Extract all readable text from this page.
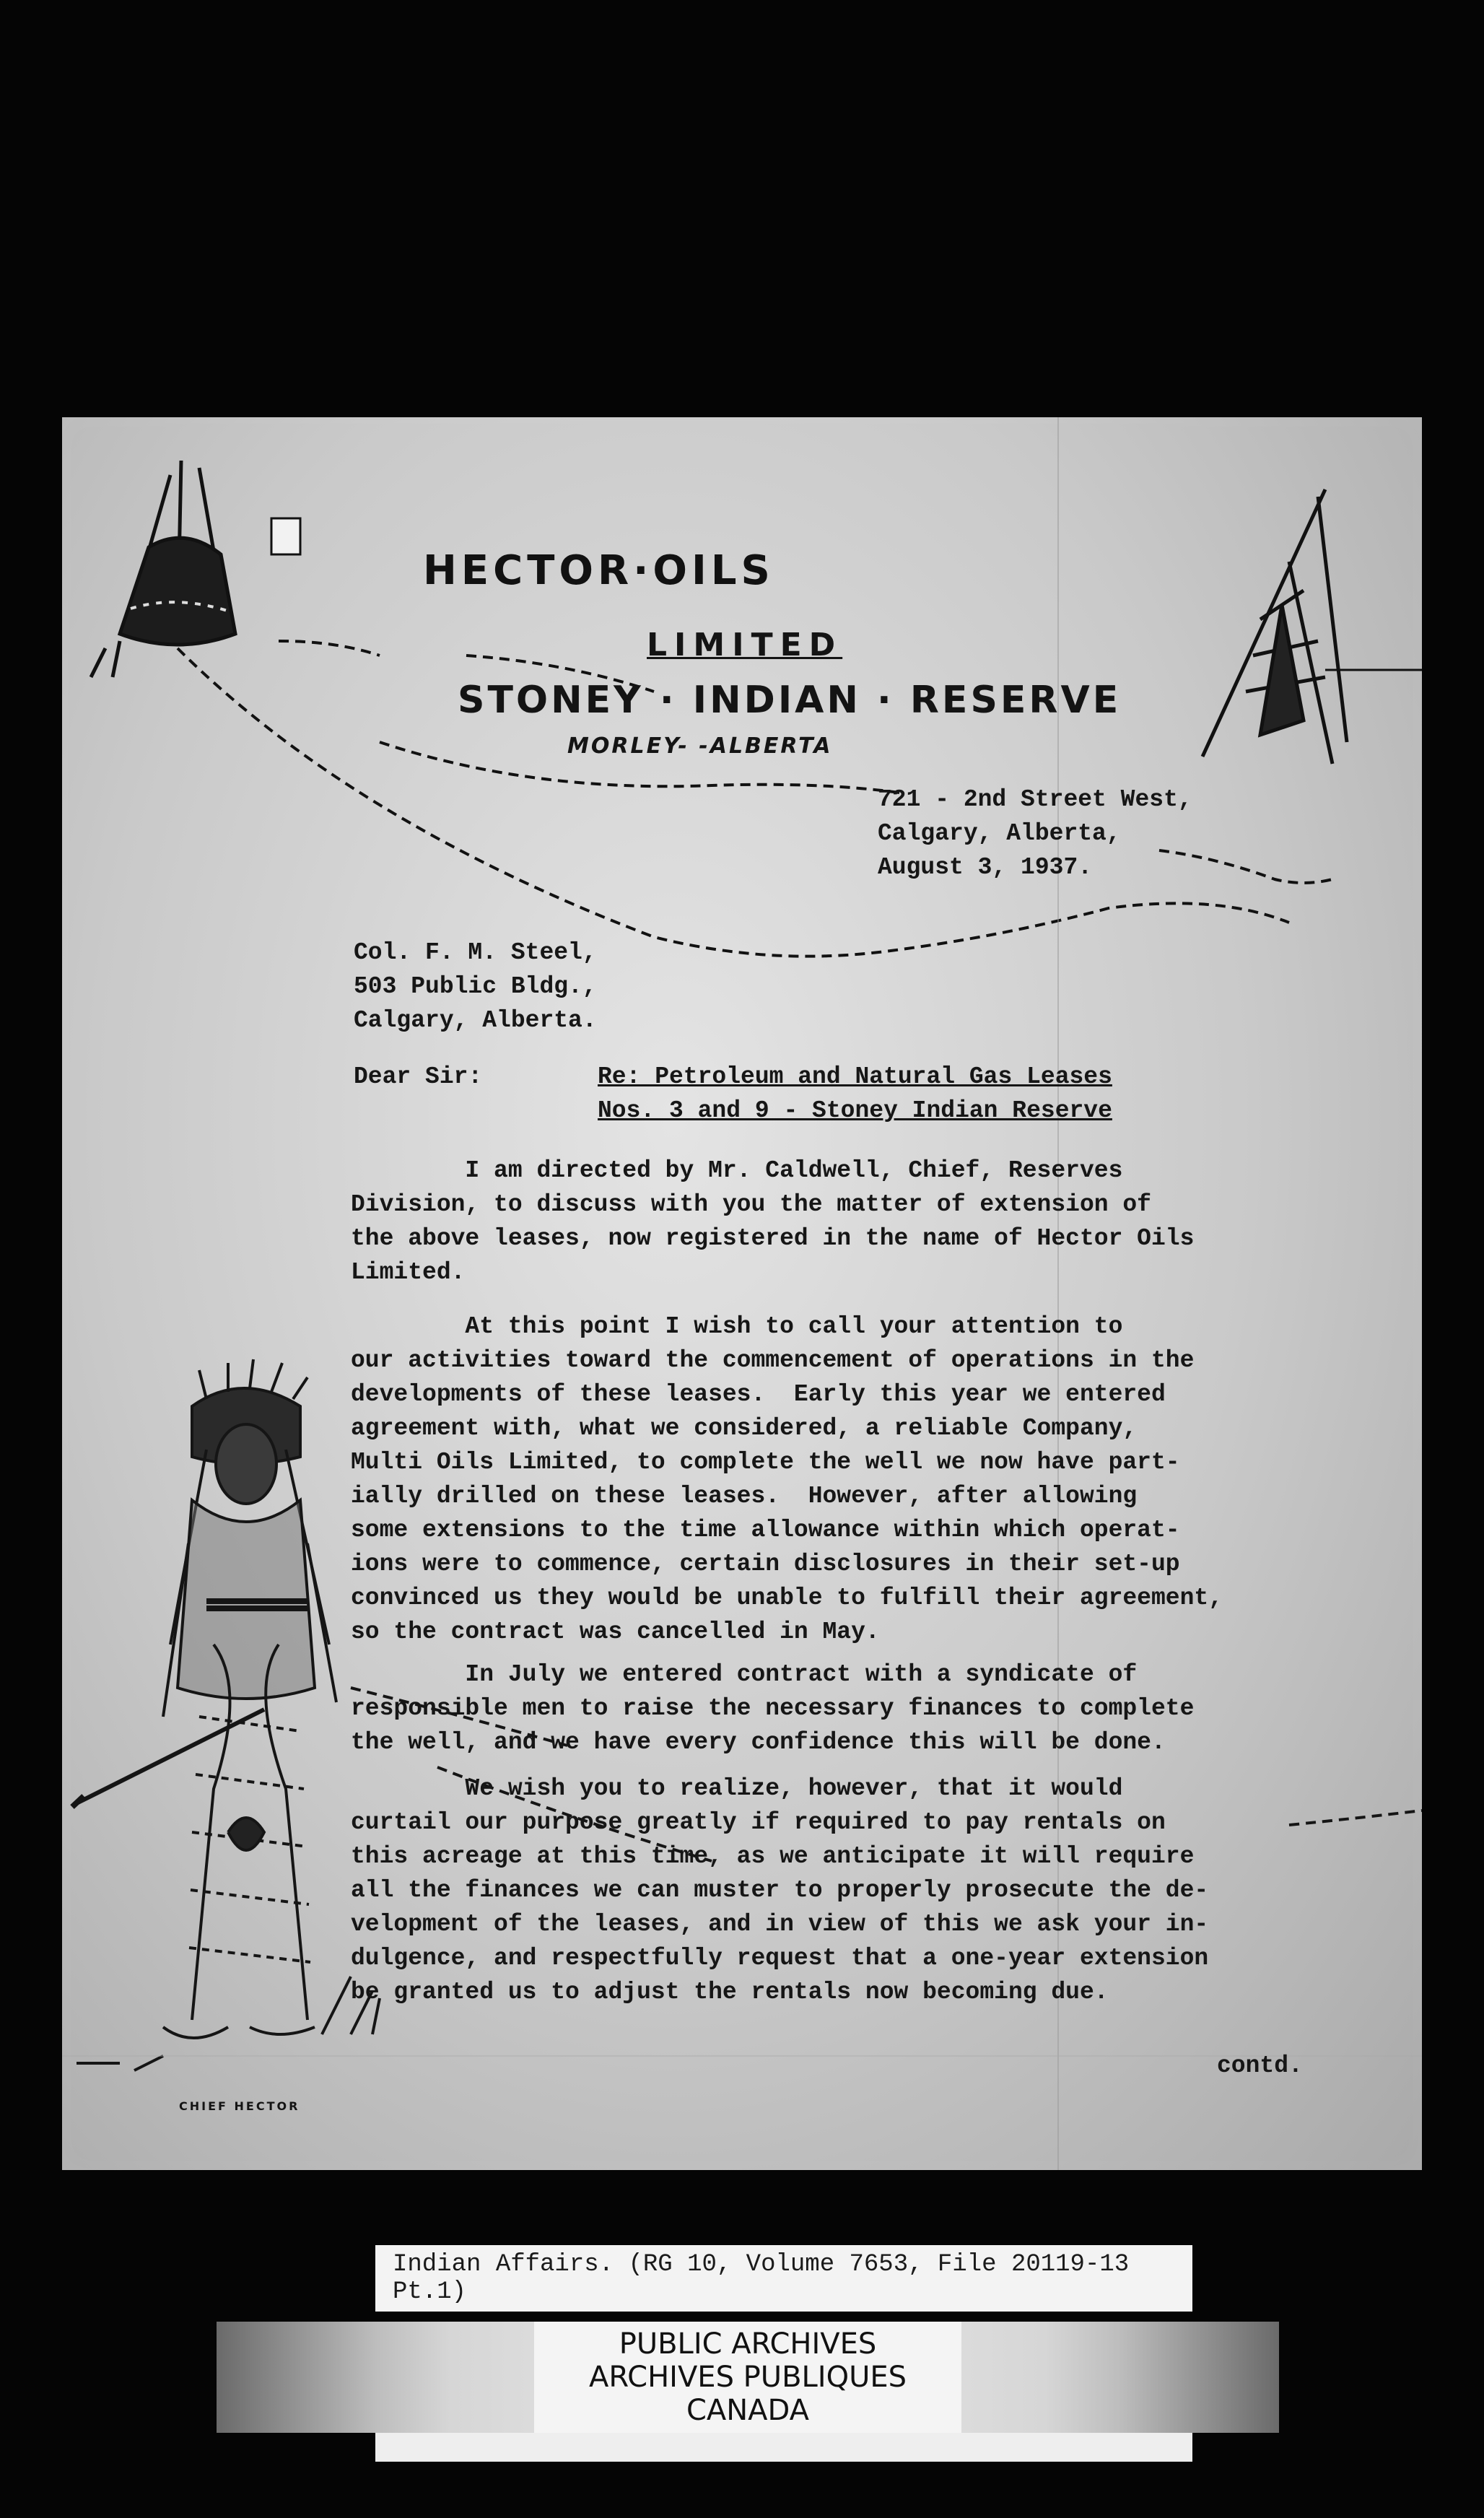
HECTOR·OILS
LIMITED
STONEY · INDIAN · RESERVE
MORLEY- -ALBERTA
721 - 2nd Street West,
Calgary, Alberta,
August 3, 1937.
Col. F. M. Steel,
503 Public Bldg.,
Calgary, Alberta.
Dear Sir:	Re: Petroleum and Natural Gas Leases
Nos. 3 and 9 - Stoney Indian Reserve

I am directed by Mr. Caldwell, Chief, Reserves

Division, to discuss with you the matter of extension of

the above leases, now registered in the name of Hector Oils

Limited.

At this point I wish to call your attention to

our activities toward the commencement of operations in the

developments of these leases.  Early this year we entered

agreement with, what we considered, a reliable Company,

Multi Oils Limited, to complete the well we now have part-

ially drilled on these leases.  However, after allowing

some extensions to the time allowance within which operat-

ions were to commence, certain disclosures in their set-up

convinced us they would be unable to fulfill their agreement,

so the contract was cancelled in May.

In July we entered contract with a syndicate of

responsible men to raise the necessary finances to complete

the well, and we have every confidence this will be done.

We wish you to realize, however, that it would

curtail our purpose greatly if required to pay rentals on

this acreage at this time, as we anticipate it will require

all the finances we can muster to properly prosecute the de-

velopment of the leases, and in view of this we ask your in-

dulgence, and respectfully request that a one-year extension

be granted us to adjust the rentals now becoming due.

contd.
CHIEF HECTOR
Indian Affairs. (RG 10, Volume 7653, File 20119-13 Pt.1)
PUBLIC ARCHIVES
ARCHIVES PUBLIQUES
CANADA
